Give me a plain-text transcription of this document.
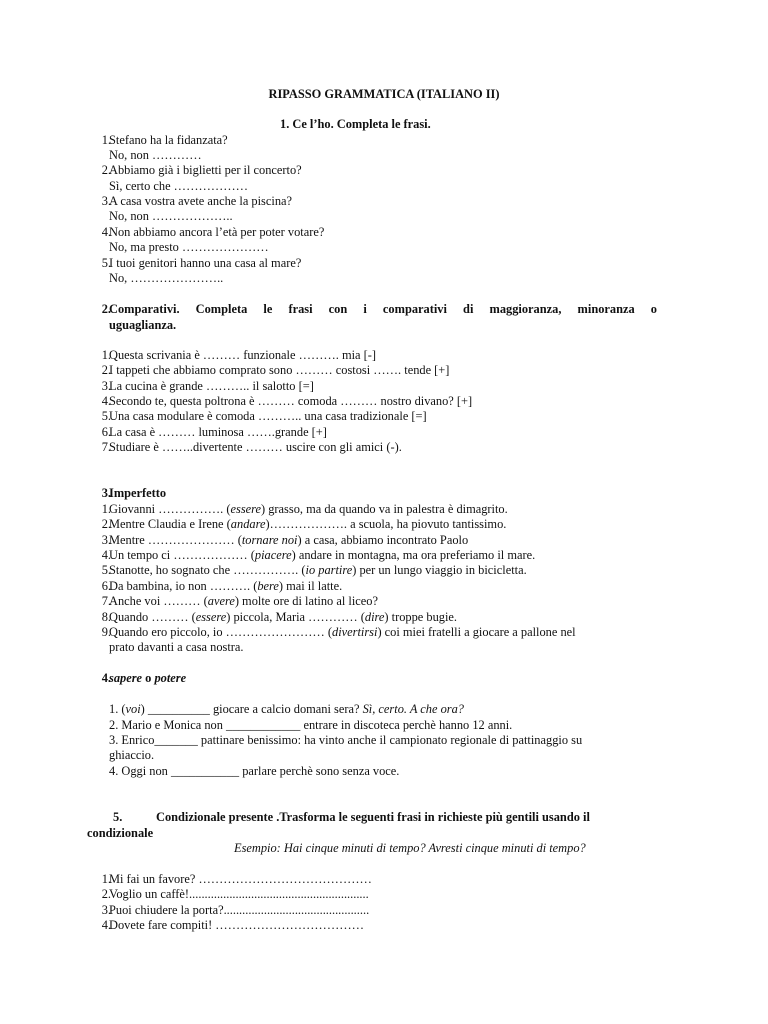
RIPASSO GRAMMATICA (ITALIANO II)
1. Ce l’ho. Completa le frasi.
1.
Stefano ha la fidanzata?
No, non …………
2.
Abbiamo già i biglietti per il concerto?
Sì, certo che ………………
3.
A casa vostra avete anche la piscina?
No, non ………………..
4.
Non abbiamo ancora l’età per poter votare?
No, ma presto …………………
5.
I tuoi genitori hanno una casa al mare?
No, …………………..
2.
Comparativi. Completa le frasi con i comparativi di maggioranza, minoranza o
uguaglianza.
1.
Questa scrivania è ……… funzionale ………. mia [-]
2.
I tappeti che abbiamo comprato sono ……… costosi ……. tende [+]
3.
La cucina è grande ……….. il salotto [=]
4.
Secondo te, questa poltrona è ……… comoda ……… nostro divano? [+]
5.
Una casa modulare è comoda ……….. una casa tradizionale [=]
6.
La casa è ……… luminosa …….grande [+]
7.
Studiare è ……..divertente ……… uscire con gli amici (-).
3.
Imperfetto
1.
Giovanni ……………. (essere) grasso, ma da quando va in palestra è dimagrito.
2.
Mentre Claudia e Irene (andare)………………. a scuola, ha piovuto tantissimo.
3.
Mentre ………………… (tornare noi) a casa, abbiamo incontrato Paolo
4.
Un tempo ci ……………… (piacere) andare in montagna, ma ora preferiamo il mare.
5.
Stanotte, ho sognato che ……………. (io partire) per un lungo viaggio in bicicletta.
6.
Da bambina, io non ………. (bere) mai il latte.
7.
Anche voi ……… (avere) molte ore di latino al liceo?
8.
Quando ……… (essere) piccola, Maria ………… (dire) troppe bugie.
9.
Quando ero piccolo, io …………………… (divertirsi) coi miei fratelli a giocare a pallone nel
prato davanti a casa nostra.
4.
sapere o potere
1. (voi) __________ giocare a calcio domani sera? Sì, certo. A che ora?
2. Mario e Monica non ____________ entrare in discoteca perchè hanno 12 anni.
3. Enrico_______ pattinare benissimo: ha vinto anche il campionato regionale di pattinaggio su
ghiaccio.
4. Oggi non ___________ parlare perchè sono senza voce.
5.	Condizionale presente .Trasforma le seguenti frasi in richieste più gentili usando il
condizionale
Esempio: Hai cinque minuti di tempo? Avresti cinque minuti di tempo?
1.
Mi fai un favore? ……………………………………
2.
Voglio un caffè!..........................................................
3.
Puoi chiudere la porta?...............................................
4.
Dovete fare compiti! ………………………………
